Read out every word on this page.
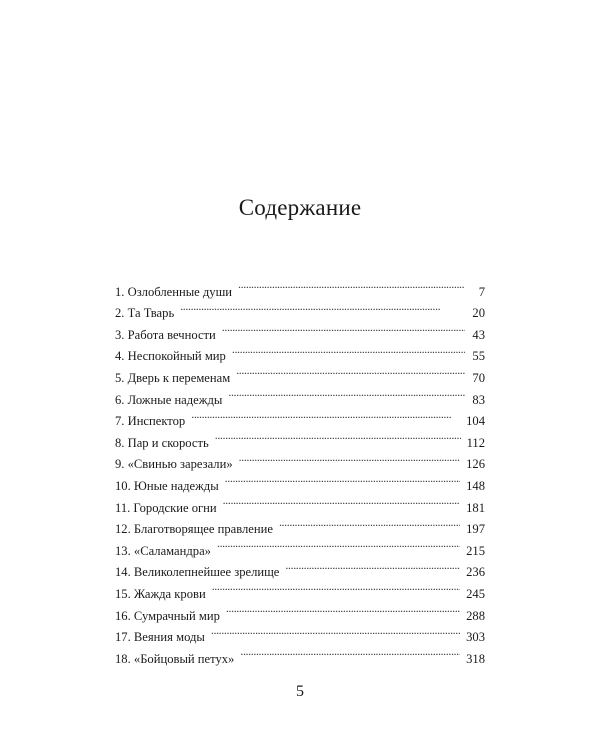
Содержание
1. Озлобленные души . . .	7
2. Та Тварь . . .	20
3. Работа вечности . . .	43
4. Неспокойный мир . . .	55
5. Дверь к переменам . . .	70
6. Ложные надежды . . .	83
7. Инспектор . . .	104
8. Пар и скорость . . .	112
9. «Свинью зарезали» . . .	126
10. Юные надежды . . .	148
11. Городские огни . . .	181
12. Благотворящее правление . . .	197
13. «Саламандра» . . .	215
14. Великолепнейшее зрелище . . .	236
15. Жажда крови . . .	245
16. Сумрачный мир . . .	288
17. Веяния моды . . .	303
18. «Бойцовый петух» . . .	318
5
